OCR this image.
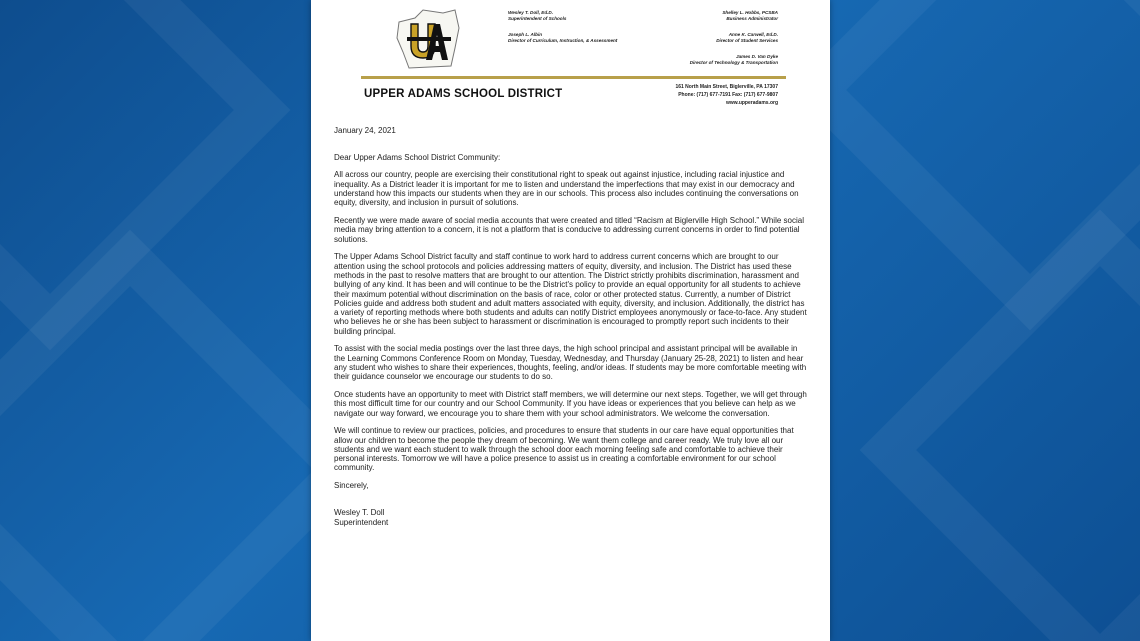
Wesley T. Doll, Ed.D.
Superintendent of Schools
Joseph L. Albin
Director of Curriculum, Instruction, & Assessment
Shelley L. Hobbs, PCSBA
Business Administrator
Anne K. Carwell, Ed.D.
Director of Student Services
James D. Van Dyke
Director of Technology & Transportation
UPPER ADAMS SCHOOL DISTRICT
161 North Main Street, Biglerville, PA 17307
Phone: (717) 677-7191 Fax: (717) 677-9807
www.upperadams.org

January 24, 2021

Dear Upper Adams School District Community:

All across our country, people are exercising their constitutional right to speak out against injustice, including racial injustice and inequality. As a District leader it is important for me to listen and understand the imperfections that may exist in our democracy and understand how this impacts our students when they are in our schools. This process also includes continuing the conversations on equity, diversity, and inclusion in pursuit of solutions.

Recently we were made aware of social media accounts that were created and titled “Racism at Biglerville High School.” While social media may bring attention to a concern, it is not a platform that is conducive to addressing current concerns in order to find potential solutions.

The Upper Adams School District faculty and staff continue to work hard to address current concerns which are brought to our attention using the school protocols and policies addressing matters of equity, diversity, and inclusion. The District has used these methods in the past to resolve matters that are brought to our attention. The District strictly prohibits discrimination, harassment and bullying of any kind. It has been and will continue to be the District's policy to provide an equal opportunity for all students to achieve their maximum potential without discrimination on the basis of race, color or other protected status. Currently, a number of District Policies guide and address both student and adult matters associated with equity, diversity, and inclusion. Additionally, the district has a variety of reporting methods where both students and adults can notify District employees anonymously or face-to-face. Any student who believes he or she has been subject to harassment or discrimination is encouraged to promptly report such incidents to their building principal.

To assist with the social media postings over the last three days, the high school principal and assistant principal will be available in the Learning Commons Conference Room on Monday, Tuesday, Wednesday, and Thursday (January 25-28, 2021) to listen and hear any student who wishes to share their experiences, thoughts, feeling, and/or ideas. If students may be more comfortable meeting with their guidance counselor we encourage our students to do so.

Once students have an opportunity to meet with District staff members, we will determine our next steps. Together, we will get through this most difficult time for our country and our School Community. If you have ideas or experiences that you believe can help as we navigate our way forward, we encourage you to share them with your school administrators. We welcome the conversation.

We will continue to review our practices, policies, and procedures to ensure that students in our care have equal opportunities that allow our children to become the people they dream of becoming. We want them college and career ready. We truly love all our students and we want each student to walk through the school door each morning feeling safe and comfortable to achieve their personal interests. Tomorrow we will have a police presence to assist us in creating a comfortable environment for our school community.

Sincerely,

Wesley T. Doll
Superintendent
